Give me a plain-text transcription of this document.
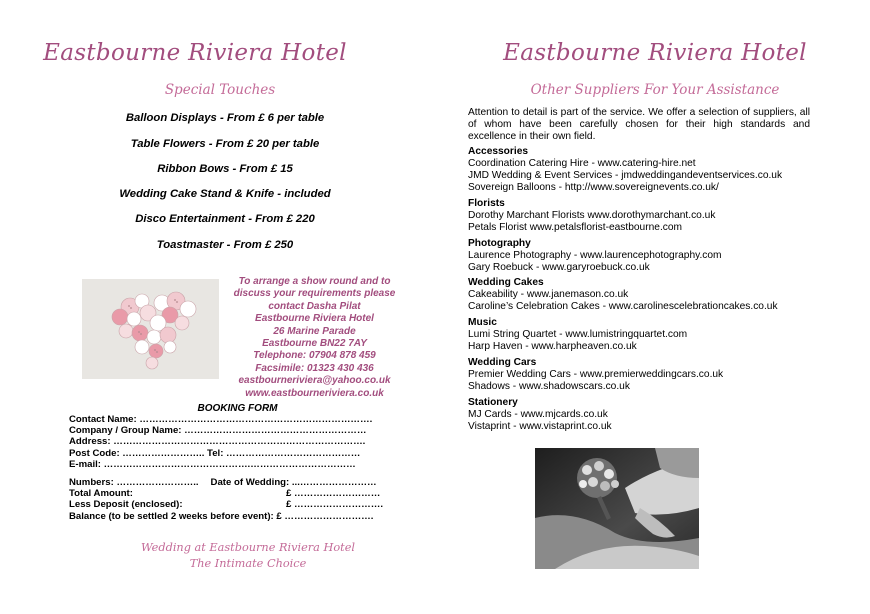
Eastbourne Riviera Hotel
Special Touches
Balloon Displays - From £ 6 per table
Table Flowers - From £ 20 per table
Ribbon Bows - From £ 15
Wedding Cake Stand & Knife - included
Disco Entertainment - From £ 220
Toastmaster - From £ 250
To arrange a show round and to
discuss your requirements please
contact Dasha Pilat
Eastbourne Riviera Hotel
26 Marine Parade
Eastbourne BN22 7AY
Telephone: 07904 878 459
Facsimile: 01323 430 436
eastbourneriviera@yahoo.co.uk
www.eastbourneriviera.co.uk
BOOKING FORM
Contact Name: ……………………………………………………………….
Company / Group Name: …………………………………………………
Address: …………………………………………………………………….
Post Code: …………………….. Tel: ……………………………………
E-mail: ……………………………………….……………………………
Numbers: …………………….. Date of Wedding: ...……………………
Total Amount:	£ ………………………
Less Deposit (enclosed):	£ ……………………….
Balance (to be settled 2 weeks before event): £ ……………………….
Wedding at Eastbourne Riviera Hotel
The Intimate Choice
Eastbourne Riviera Hotel
Other Suppliers For Your Assistance
Attention to detail is part of the service. We offer a selection of suppliers, all of whom have been carefully chosen for their high standards and excellence in their own field.
Accessories
Coordination Catering Hire - www.catering-hire.net
JMD Wedding & Event Services - jmdweddingandeventservices.co.uk
Sovereign Balloons - http://www.sovereignevents.co.uk/
Florists
Dorothy Marchant Florists www.dorothymarchant.co.uk
Petals Florist www.petalsflorist-eastbourne.com
Photography
Laurence Photography - www.laurencephotography.com
Gary Roebuck - www.garyroebuck.co.uk
Wedding Cakes
Cakeability - www.janemason.co.uk
Caroline’s Celebration Cakes - www.carolinescelebrationcakes.co.uk
Music
Lumi String Quartet - www.lumistringquartet.com
Harp Haven - www.harpheaven.co.uk
Wedding Cars
Premier Wedding Cars - www.premierweddingcars.co.uk
Shadows - www.shadowscars.co.uk
Stationery
MJ Cards - www.mjcards.co.uk
Vistaprint - www.vistaprint.co.uk
